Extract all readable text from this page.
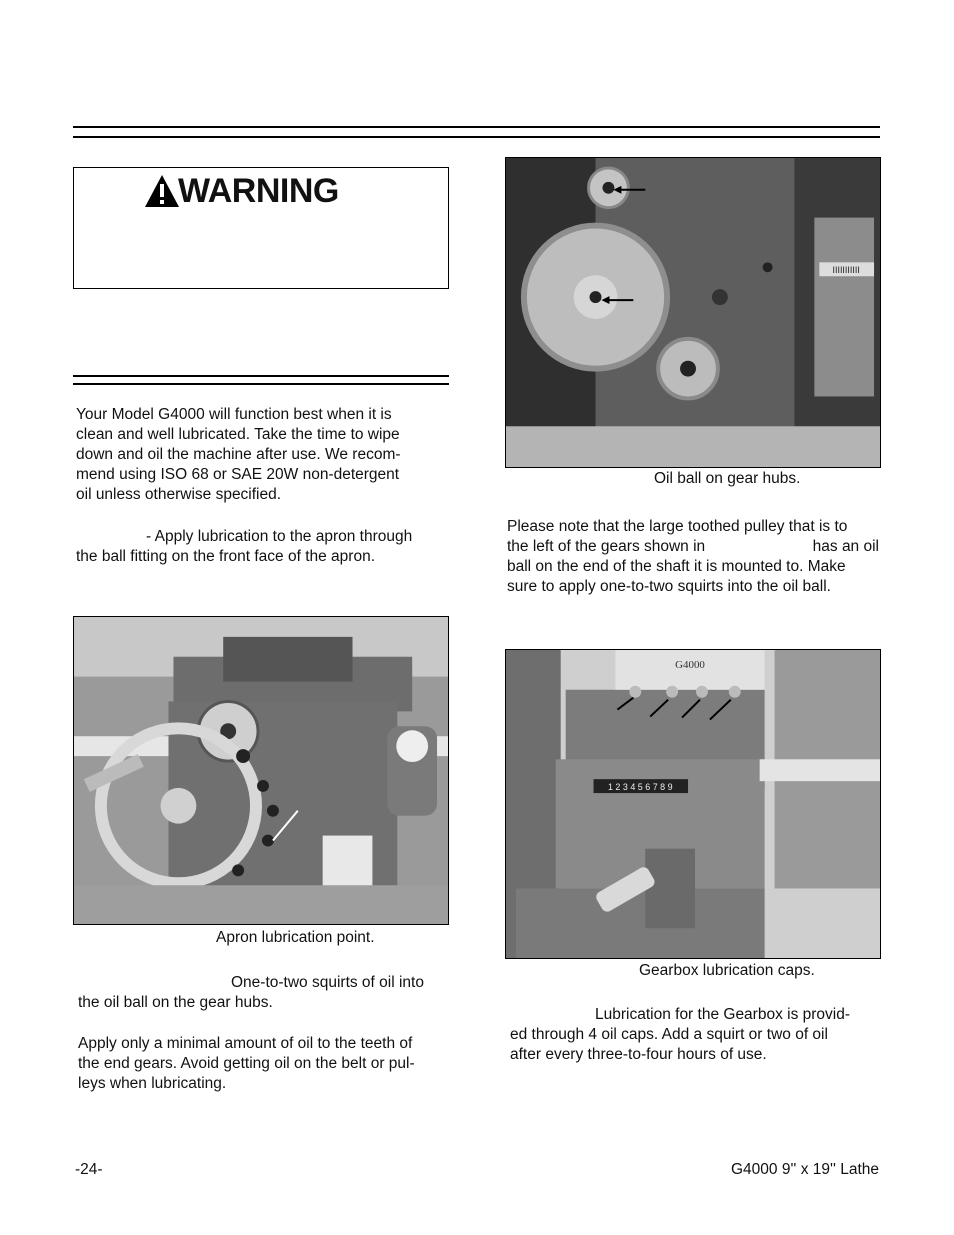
WARNING
Your Model G4000 will function best when it is
clean and well lubricated. Take the time to wipe
down and oil the machine after use. We recom-
mend using ISO 68 or SAE 20W non-detergent
oil unless otherwise specified.
- Apply lubrication to the apron through
the ball fitting on the front face of the apron.
Apron lubrication point.
One-to-two squirts of oil into
the oil ball on the gear hubs.
Apply only a minimal amount of oil to the teeth of
the end gears. Avoid getting oil on the belt or pul-
leys when lubricating.
IIIIIIIIIII
Oil ball on gear hubs.
Please note that the large toothed pulley that is to
the left of the gears shown in	has an oil
ball on the end of the shaft it is mounted to. Make
sure to apply one-to-two squirts into the oil ball.
G4000
1 2 3 4 5 6 7 8 9
Gearbox lubrication caps.
Lubrication for the Gearbox is provid-
ed through 4 oil caps. Add a squirt or two of oil
after every three-to-four hours of use.
-24-	G4000 9'' x 19'' Lathe
